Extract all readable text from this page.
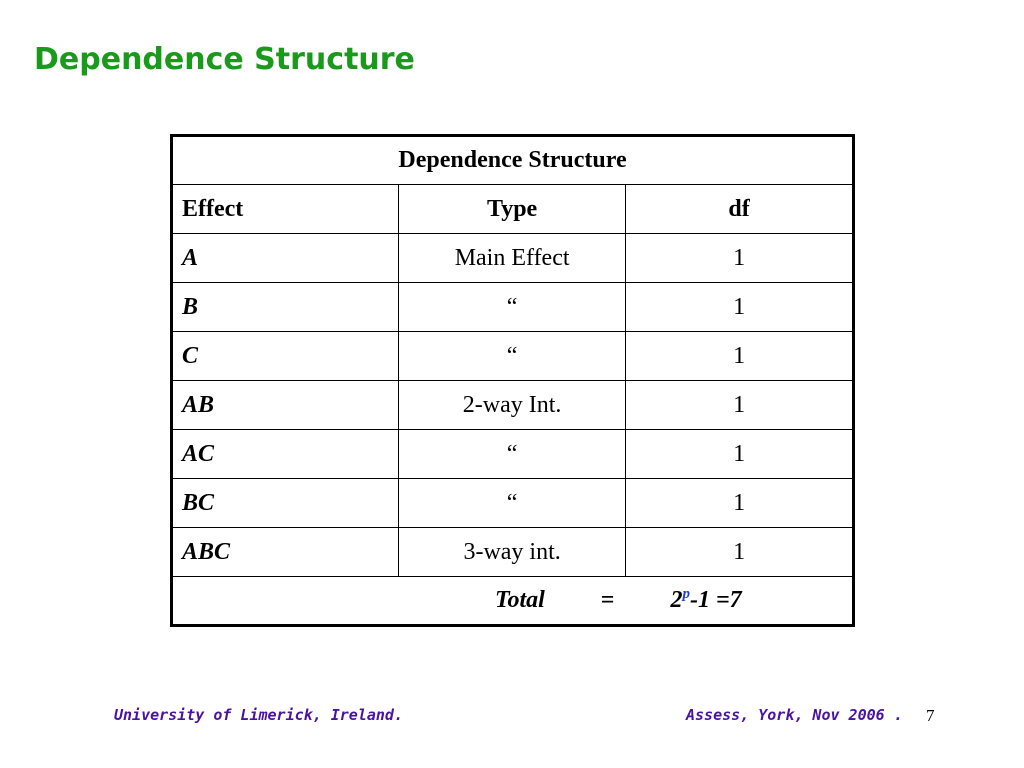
Dependence Structure
Dependence Structure		
Effect	Type	df
A	Main Effect	1
B	“	1
C	“	1
AB	2-way Int.	1
AC	“	1
BC	“	1
ABC	3-way int.	1
Total = $2^p-1 =7$		
University of Limerick, Ireland.	Assess, York, Nov 2006 . 7
